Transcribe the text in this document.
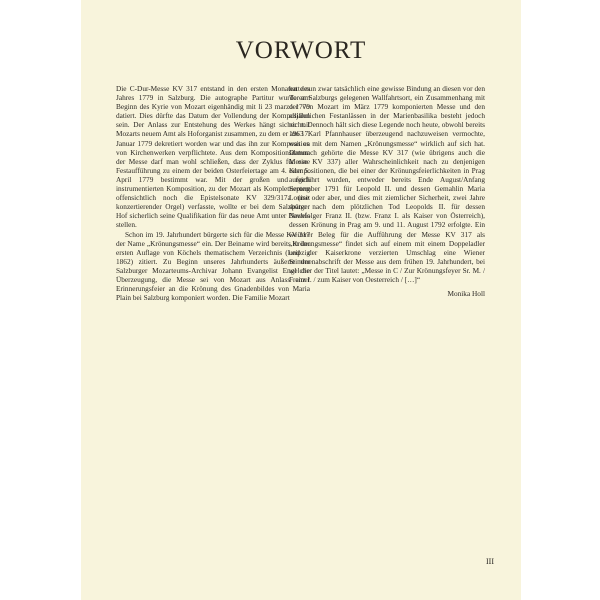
VORWORT

Die C-Dur-Messe KV 317 entstand in den ersten Monaten des Jahres 1779 in Salzburg. Die autographe Partitur wurde am Beginn des Kyrie von Mozart eigenhändig mit li 23 marzo 1779 datiert. Dies dürfte das Datum der Vollendung der Komposition sein. Der Anlass zur Entstehung des Werkes hängt sicher mit Mozarts neuem Amt als Hoforganist zusammen, zu dem er am 17. Januar 1779 dekretiert worden war und das ihn zur Komposition von Kirchenwerken verpflichtete. Aus dem Kompositionsdatum der Messe darf man wohl schließen, dass der Zyklus für eine Festaufführung zu einem der beiden Osterfeiertage am 4. oder 5. April 1779 bestimmt war. Mit der großen und reich instrumentierten Komposition, zu der Mozart als Komplettierung offensichtlich noch die Epistelsonate KV 329/317a (mit konzertierender Orgel) verfasste, wollte er bei dem Salzburger Hof sicherlich seine Qualifikation für das neue Amt unter Beweis stellen.

Schon im 19. Jahrhundert bürgerte sich für die Messe KV 317 der Name „Krönungsmesse“ ein. Der Beiname wird bereits in der ersten Auflage von Köchels thematischem Verzeichnis (Leipzig 1862) zitiert. Zu Beginn unseres Jahrhunderts äußerte der Salzburger Mozarteums-Archivar Johann Evangelist Engl die Überzeugung, die Messe sei von Mozart aus Anlass einer Erinnerungsfeier an die Krönung des Gnadenbildes von Maria Plain bei Salzburg komponiert worden. Die Familie Mozart

hatte nun zwar tatsächlich eine gewisse Bindung an diesen vor den Toren Salzburgs gelegenen Wallfahrtsort, ein Zusammenhang mit der von Mozart im März 1779 komponierten Messe und den alljährlichen Festanlässen in der Marienbasilika besteht jedoch nicht. Dennoch hält sich diese Legende noch heute, obwohl bereits 1963 Karl Pfannhauser überzeugend nachzuweisen vermochte, was es mit dem Namen „Krönungsmesse“ wirklich auf sich hat. Demnach gehörte die Messe KV 317 (wie übrigens auch die Messe KV 337) aller Wahrscheinlichkeit nach zu denjenigen Kompositionen, die bei einer der Krönungsfeierlichkeiten in Prag aufgeführt wurden, entweder bereits Ende August/Anfang September 1791 für Leopold II. und dessen Gemahlin Maria Louise oder aber, und dies mit ziemlicher Sicherheit, zwei Jahre später nach dem plötzlichen Tod Leopolds II. für dessen Nachfolger Franz II. (bzw. Franz I. als Kaiser von Österreich), dessen Krönung in Prag am 9. und 11. August 1792 erfolgte. Ein weiterer Beleg für die Aufführung der Messe KV 317 als „Krönungsmesse“ findet sich auf einem mit einem Doppeladler und der Kaiserkrone verzierten Umschlag eine Wiener Stimmenabschrift der Messe aus dem frühen 19. Jahrhundert, bei welcher der Titel lautet: „Messe in C / Zur Krönungsfeyer Sr. M. / Franz I. / zum Kaiser von Oesterreich / […]“

Monika Holl

III
